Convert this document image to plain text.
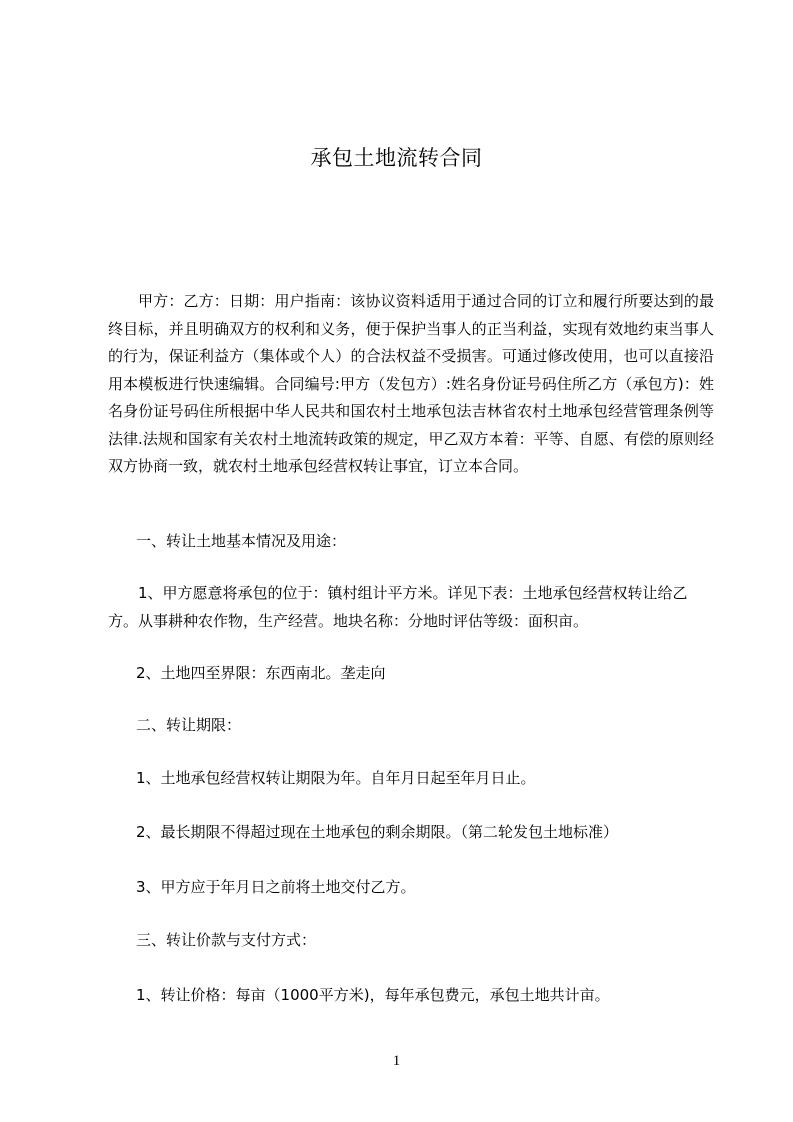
承包土地流转合同

甲方：乙方：日期：用户指南：该协议资料适用于通过合同的订立和履行所要达到的最终目标，并且明确双方的权利和义务，便于保护当事人的正当利益，实现有效地约束当事人的行为，保证利益方（集体或个人）的合法权益不受损害。可通过修改使用，也可以直接沿用本模板进行快速编辑。合同编号:甲方（发包方）:姓名身份证号码住所乙方（承包方)：姓名身份证号码住所根据中华人民共和国农村土地承包法吉林省农村土地承包经营管理条例等法律.法规和国家有关农村土地流转政策的规定，甲乙双方本着：平等、自愿、有偿的原则经双方协商一致，就农村土地承包经营权转让事宜，订立本合同。

一、转让土地基本情况及用途：

1、甲方愿意将承包的位于：镇村组计平方米。详见下表：土地承包经营权转让给乙方。从事耕种农作物，生产经营。地块名称：分地时评估等级：面积亩。

2、土地四至界限：东西南北。垄走向

二、转让期限：

1、土地承包经营权转让期限为年。自年月日起至年月日止。

2、最长期限不得超过现在土地承包的剩余期限。（第二轮发包土地标准）

3、甲方应于年月日之前将土地交付乙方。

三、转让价款与支付方式：

1、转让价格：每亩（1000平方米)，每年承包费元，承包土地共计亩。

1
